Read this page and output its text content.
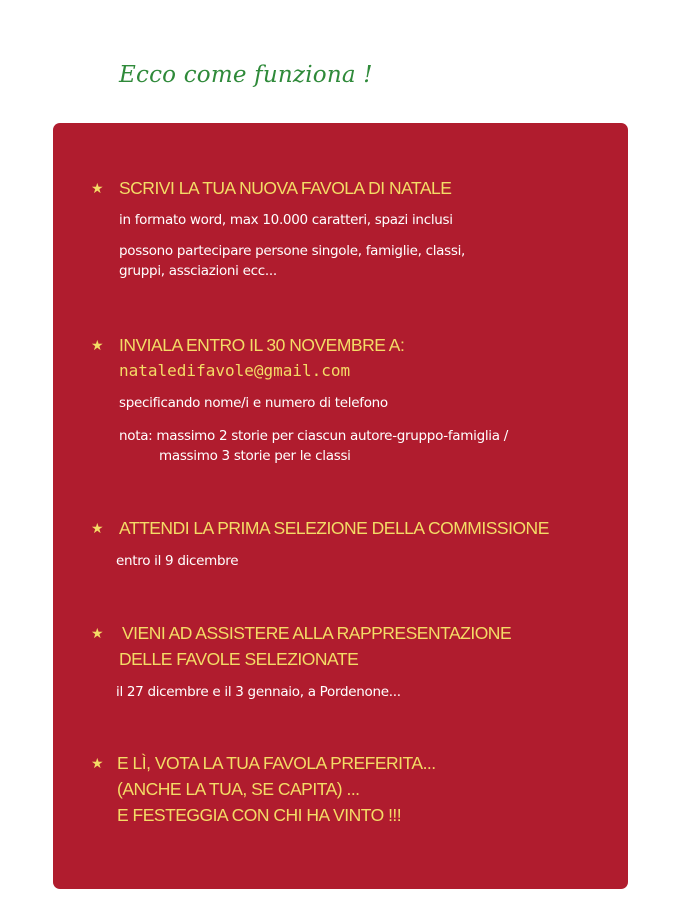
Ecco come funziona !
★ SCRIVI LA TUA NUOVA FAVOLA DI NATALE
in formato word, max 10.000 caratteri, spazi inclusi
possono partecipare persone singole, famiglie, classi,
gruppi, assciazioni ecc...
★ INVIALA ENTRO IL 30 NOVEMBRE A:
nataledifavole@gmail.com
specificando nome/i e numero di telefono
nota: massimo 2 storie per ciascun autore-gruppo-famiglia /
massimo 3 storie per le classi
★ ATTENDI LA PRIMA SELEZIONE DELLA COMMISSIONE
entro il 9 dicembre
★ VIENI AD ASSISTERE ALLA RAPPRESENTAZIONE
DELLE FAVOLE SELEZIONATE
il 27 dicembre e il 3 gennaio, a Pordenone...
★ E LÌ, VOTA LA TUA FAVOLA PREFERITA...
(ANCHE LA TUA, SE CAPITA) ...
E FESTEGGIA CON CHI HA VINTO !!!
